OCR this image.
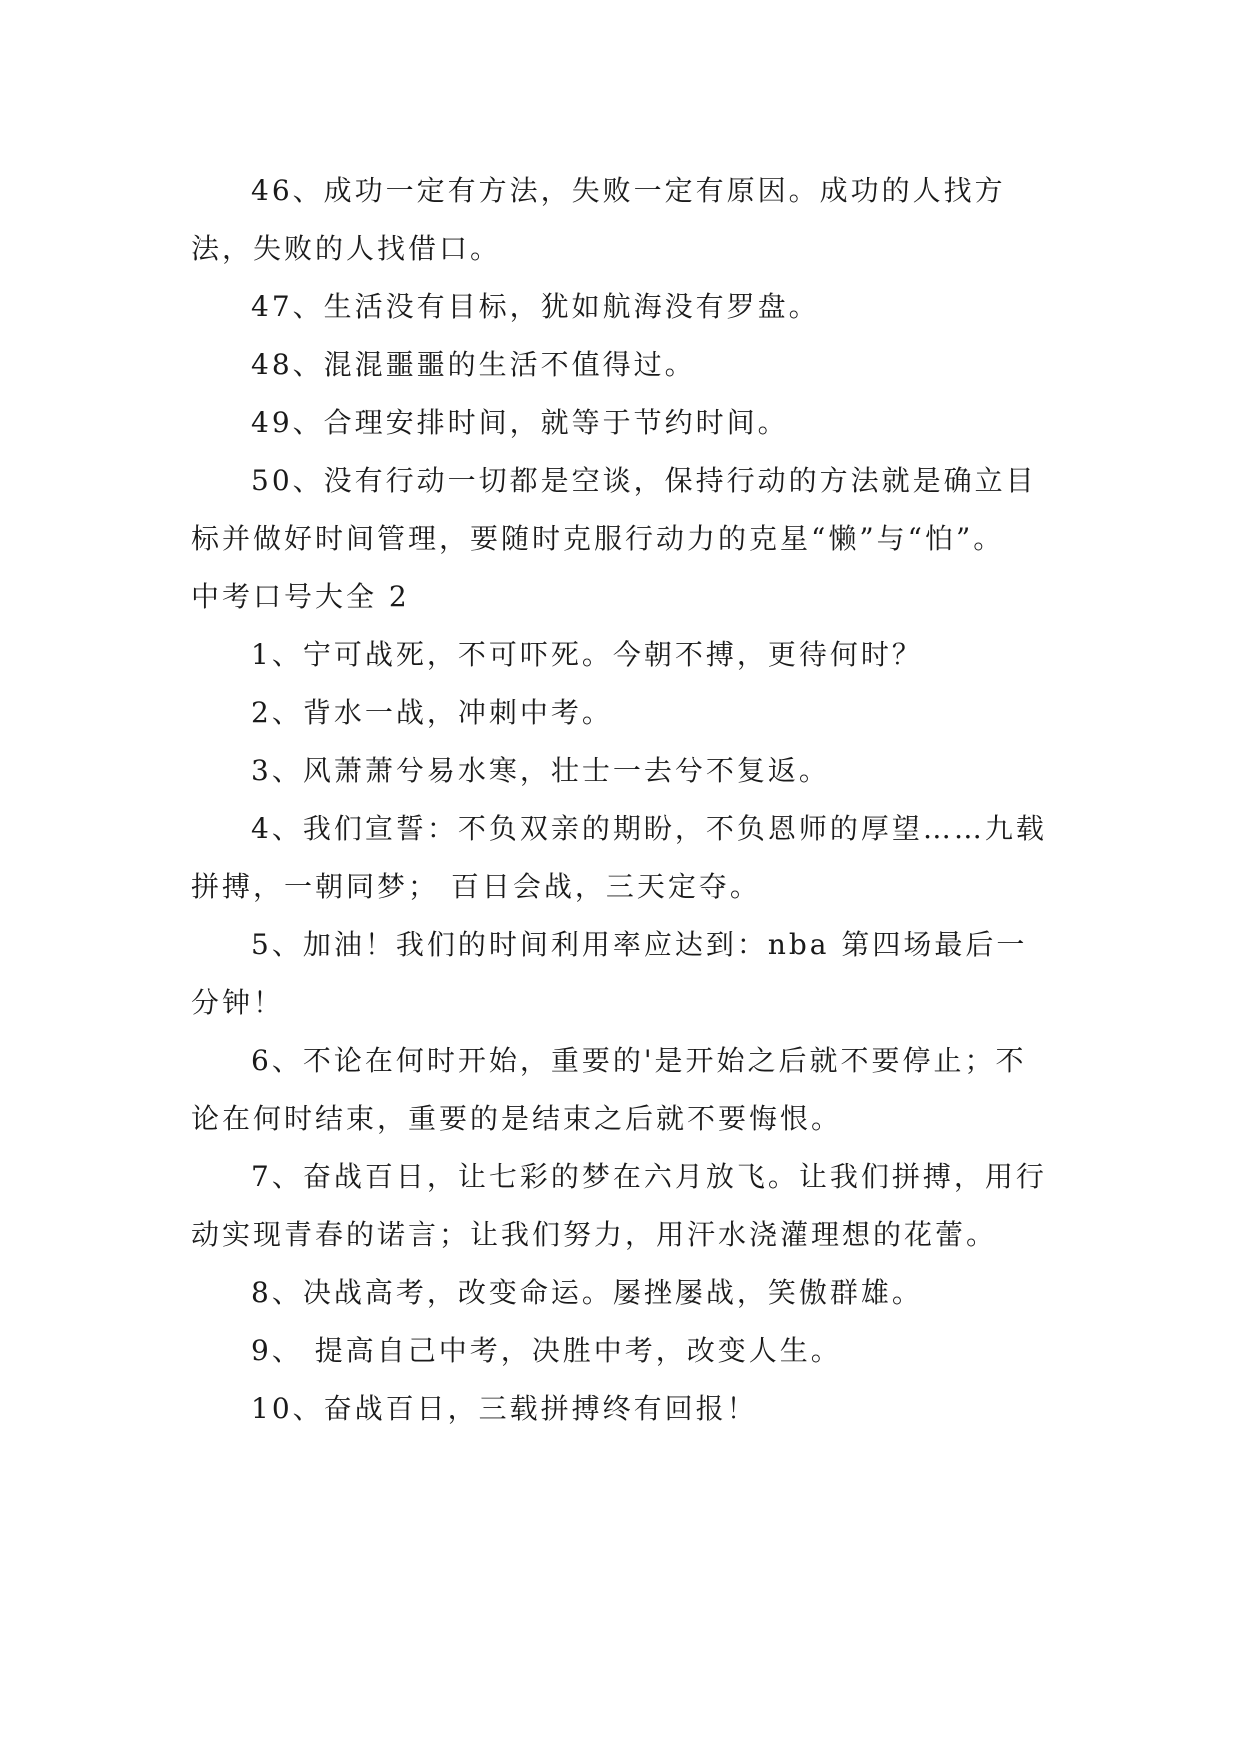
46、成功一定有方法，失败一定有原因。成功的人找方法，失败的人找借口。

47、生活没有目标，犹如航海没有罗盘。

48、混混噩噩的生活不值得过。

49、合理安排时间，就等于节约时间。

50、没有行动一切都是空谈，保持行动的方法就是确立目标并做好时间管理，要随时克服行动力的克星“懒”与“怕”。

中考口号大全 2

1、宁可战死，不可吓死。今朝不搏，更待何时？

2、背水一战，冲刺中考。

3、风萧萧兮易水寒，壮士一去兮不复返。

4、我们宣誓：不负双亲的期盼，不负恩师的厚望……九载拼搏，一朝同梦； 百日会战，三天定夺。

5、加油！我们的时间利用率应达到：nba 第四场最后一分钟！

6、不论在何时开始，重要的'是开始之后就不要停止；不论在何时结束，重要的是结束之后就不要悔恨。

7、奋战百日，让七彩的梦在六月放飞。让我们拼搏，用行动实现青春的诺言；让我们努力，用汗水浇灌理想的花蕾。

8、决战高考，改变命运。屡挫屡战，笑傲群雄。

9、 提高自己中考，决胜中考，改变人生。

10、奋战百日，三载拼搏终有回报！
